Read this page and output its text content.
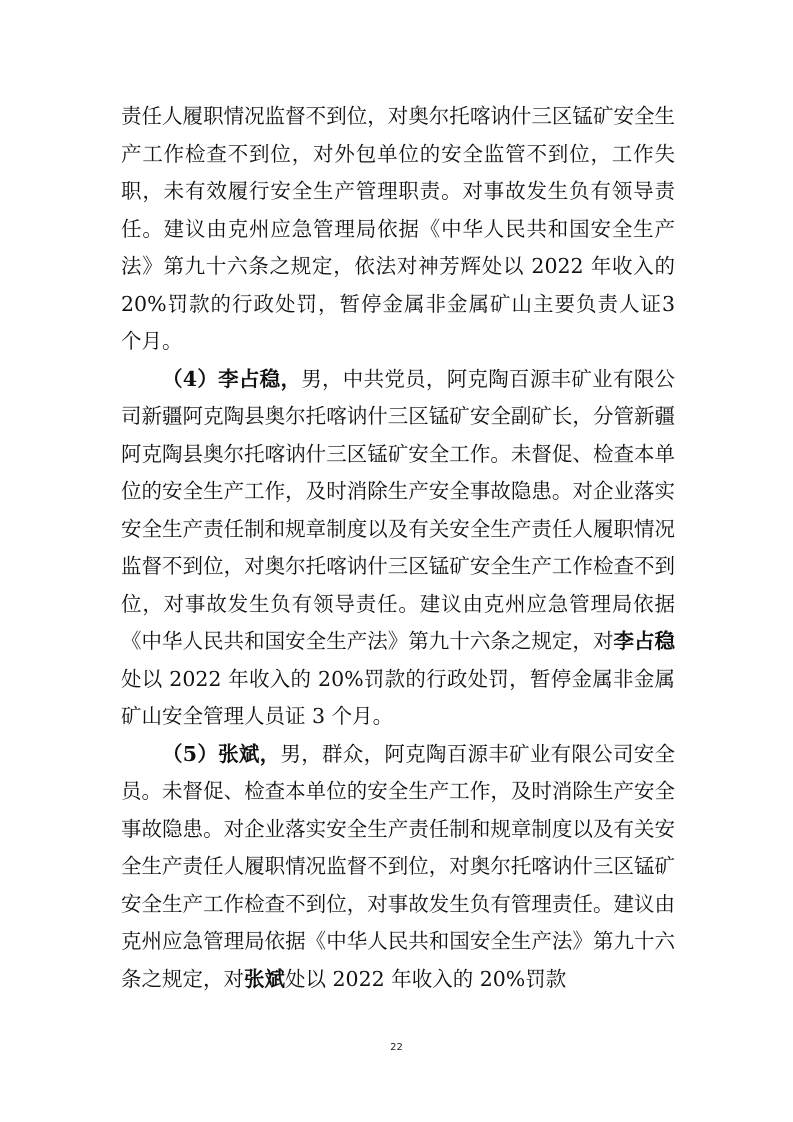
责任人履职情况监督不到位，对奥尔托喀讷什三区锰矿安全生产工作检查不到位，对外包单位的安全监管不到位，工作失职，未有效履行安全生产管理职责。对事故发生负有领导责任。建议由克州应急管理局依据《中华人民共和国安全生产法》第九十六条之规定，依法对神芳辉处以 2022 年收入的 20%罚款的行政处罚，暂停金属非金属矿山主要负责人证3 个月。

（4）李占稳，男，中共党员，阿克陶百源丰矿业有限公司新疆阿克陶县奥尔托喀讷什三区锰矿安全副矿长，分管新疆阿克陶县奥尔托喀讷什三区锰矿安全工作。未督促、检查本单位的安全生产工作，及时消除生产安全事故隐患。对企业落实安全生产责任制和规章制度以及有关安全生产责任人履职情况监督不到位，对奥尔托喀讷什三区锰矿安全生产工作检查不到位，对事故发生负有领导责任。建议由克州应急管理局依据《中华人民共和国安全生产法》第九十六条之规定，对李占稳处以 2022 年收入的 20%罚款的行政处罚，暂停金属非金属矿山安全管理人员证 3 个月。

（5）张斌，男，群众，阿克陶百源丰矿业有限公司安全员。未督促、检查本单位的安全生产工作，及时消除生产安全事故隐患。对企业落实安全生产责任制和规章制度以及有关安全生产责任人履职情况监督不到位，对奥尔托喀讷什三区锰矿安全生产工作检查不到位，对事故发生负有管理责任。建议由克州应急管理局依据《中华人民共和国安全生产法》第九十六条之规定，对张斌处以 2022 年收入的 20%罚款

22
